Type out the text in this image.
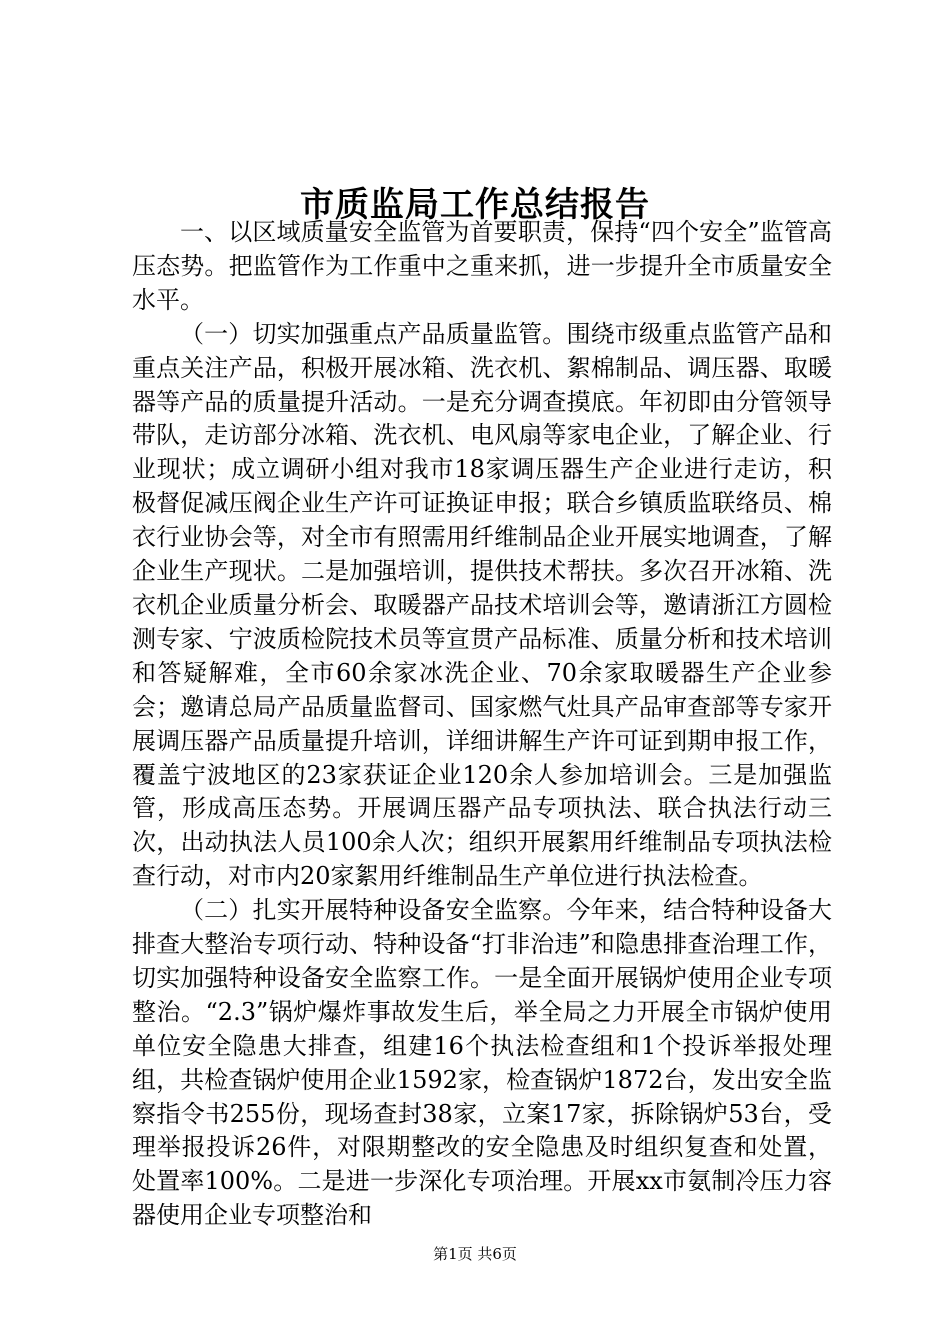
市质监局工作总结报告

一、以区域质量安全监管为首要职责，保持“四个安全”监管高压态势。把监管作为工作重中之重来抓，进一步提升全市质量安全水平。

（一）切实加强重点产品质量监管。围绕市级重点监管产品和重点关注产品，积极开展冰箱、洗衣机、絮棉制品、调压器、取暖器等产品的质量提升活动。一是充分调查摸底。年初即由分管领导带队，走访部分冰箱、洗衣机、电风扇等家电企业，了解企业、行业现状；成立调研小组对我市18家调压器生产企业进行走访，积极督促减压阀企业生产许可证换证申报；联合乡镇质监联络员、棉衣行业协会等，对全市有照需用纤维制品企业开展实地调查，了解企业生产现状。二是加强培训，提供技术帮扶。多次召开冰箱、洗衣机企业质量分析会、取暖器产品技术培训会等，邀请浙江方圆检测专家、宁波质检院技术员等宣贯产品标准、质量分析和技术培训和答疑解难，全市60余家冰洗企业、70余家取暖器生产企业参会；邀请总局产品质量监督司、国家燃气灶具产品审查部等专家开展调压器产品质量提升培训，详细讲解生产许可证到期申报工作，覆盖宁波地区的23家获证企业120余人参加培训会。三是加强监管，形成高压态势。开展调压器产品专项执法、联合执法行动三次，出动执法人员100余人次；组织开展絮用纤维制品专项执法检查行动，对市内20家絮用纤维制品生产单位进行执法检查。

（二）扎实开展特种设备安全监察。今年来，结合特种设备大排查大整治专项行动、特种设备“打非治违”和隐患排查治理工作，切实加强特种设备安全监察工作。一是全面开展锅炉使用企业专项整治。“2.3”锅炉爆炸事故发生后，举全局之力开展全市锅炉使用单位安全隐患大排查，组建16个执法检查组和1个投诉举报处理组，共检查锅炉使用企业1592家，检查锅炉1872台，发出安全监察指令书255份，现场查封38家，立案17家，拆除锅炉53台，受理举报投诉26件，对限期整改的安全隐患及时组织复查和处置，处置率100%。二是进一步深化专项治理。开展xx市氨制冷压力容器使用企业专项整治和

第1页 共6页
